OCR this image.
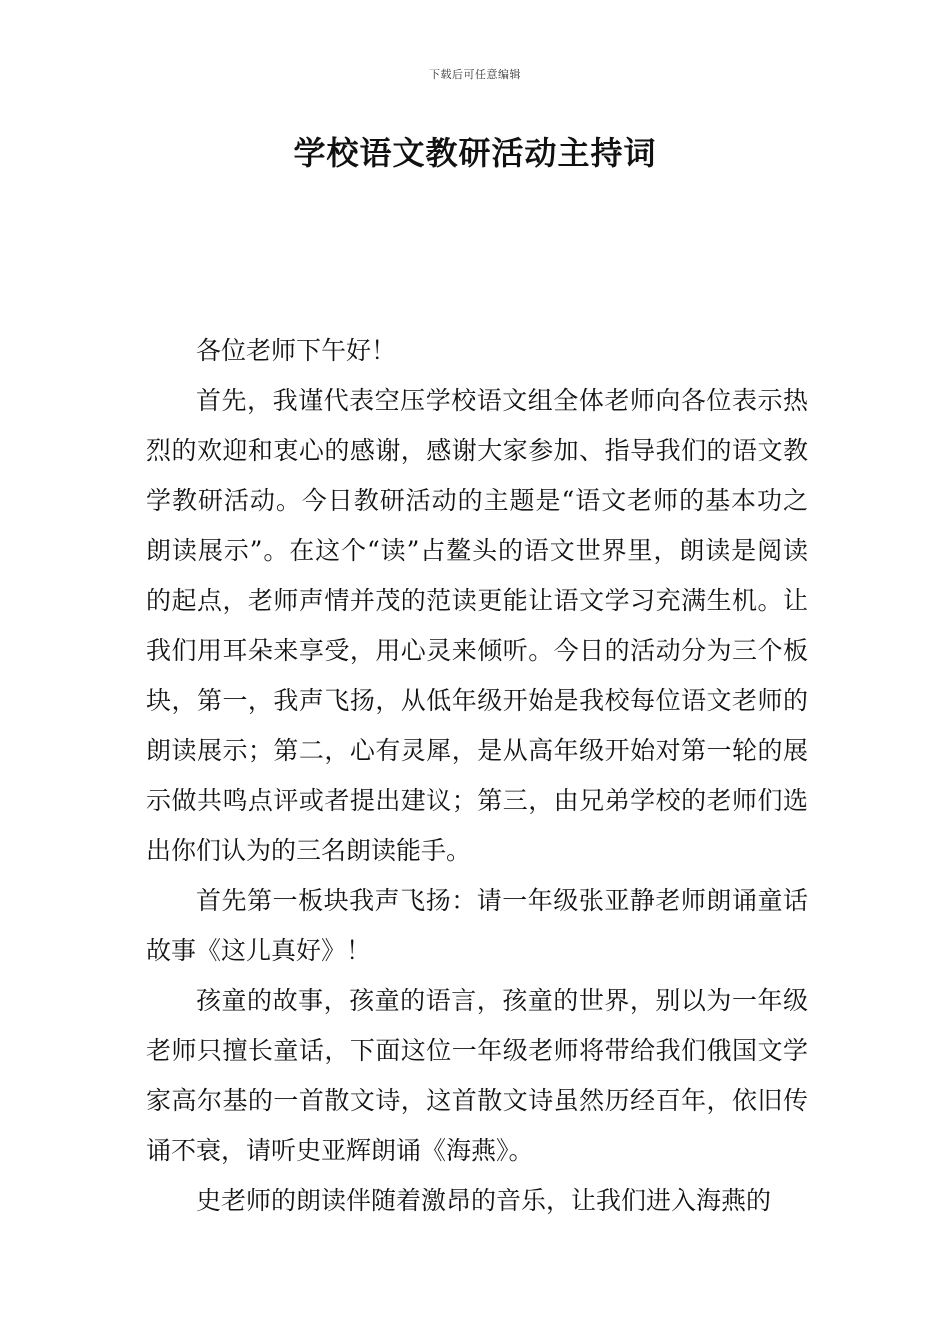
下载后可任意编辑
学校语文教研活动主持词

各位老师下午好！

首先，我谨代表空压学校语文组全体老师向各位表示热烈的欢迎和衷心的感谢，感谢大家参加、指导我们的语文教学教研活动。今日教研活动的主题是“语文老师的基本功之朗读展示”。在这个“读”占鳌头的语文世界里，朗读是阅读的起点，老师声情并茂的范读更能让语文学习充满生机。让我们用耳朵来享受，用心灵来倾听。今日的活动分为三个板块，第一，我声飞扬，从低年级开始是我校每位语文老师的朗读展示；第二，心有灵犀，是从高年级开始对第一轮的展示做共鸣点评或者提出建议；第三，由兄弟学校的老师们选出你们认为的三名朗读能手。

首先第一板块我声飞扬：请一年级张亚静老师朗诵童话故事《这儿真好》！

孩童的故事，孩童的语言，孩童的世界，别以为一年级老师只擅长童话，下面这位一年级老师将带给我们俄国文学家高尔基的一首散文诗，这首散文诗虽然历经百年，依旧传诵不衰，请听史亚辉朗诵《海燕》。

史老师的朗读伴随着激昂的音乐，让我们进入海燕的
